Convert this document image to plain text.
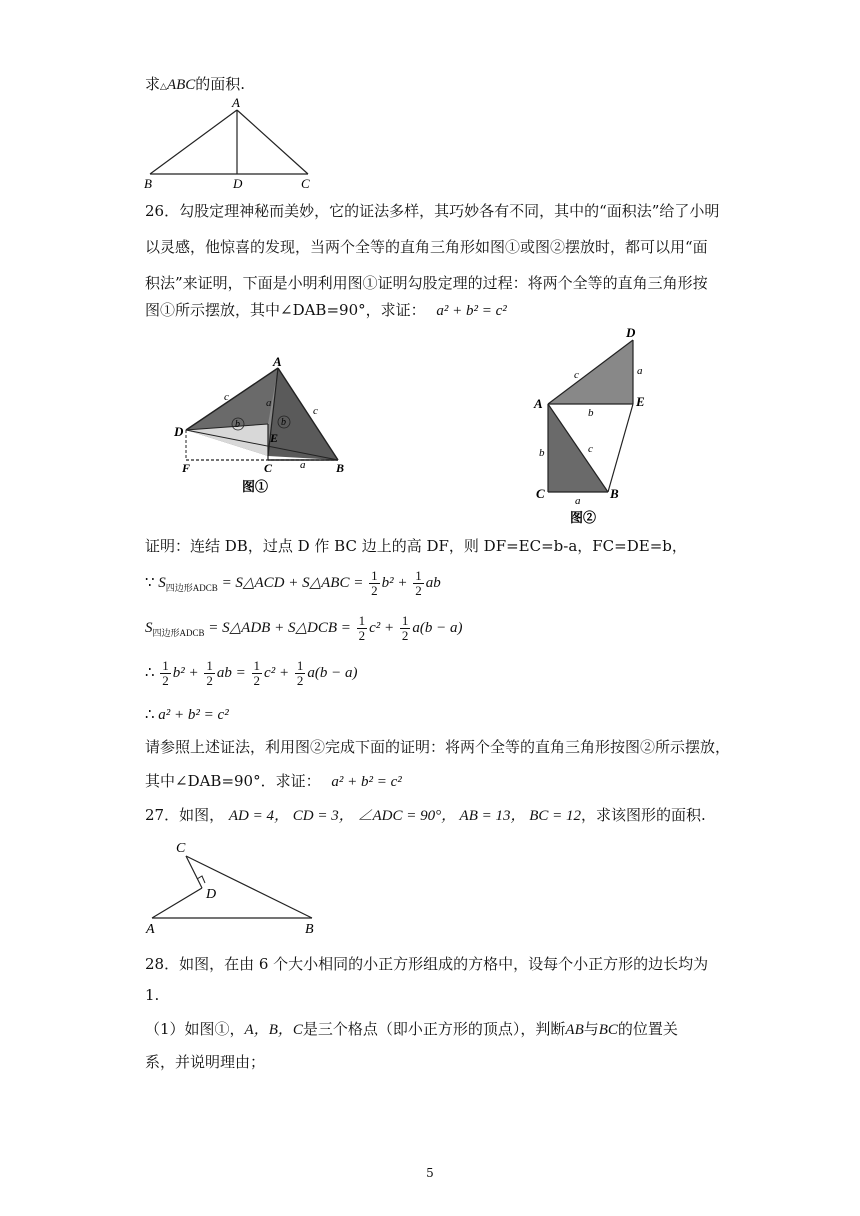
求△ABC的面积.
A
B	D	C
26．勾股定理神秘而美妙，它的证法多样，其巧妙各有不同，其中的“面积法”给了小明
以灵感，他惊喜的发现，当两个全等的直角三角形如图①或图②摆放时，都可以用“面
积法”来证明，下面是小明利用图①证明勾股定理的过程：将两个全等的直角三角形按
图①所示摆放，其中∠DAB=90°，求证： a² + b² = c²
A
D	E
F	C	B
a
a
b	b
c
c
图①
D
A	E
C	B
a
a
b
b
c
c
图②
证明：连结 DB，过点 D 作 BC 边上的高 DF，则 DF=EC=b-a，FC=DE=b，
∵ $S_{四边形ADCB}$ = S△ACD + S△ABC = $\frac{1}{2} b^2 + \frac{1}{2}$ ab
$S_{四边形ADCB}$ = S△ADB + S△DCB = $\frac{1}{2} c^2 + \frac{1}{2} a(b - a)$
∴ $\frac{1}{2} b^2 + \frac{1}{2}$ ab = $\frac{1}{2} c^2 + \frac{1}{2} a(b - a)$
∴ a² + b² = c²
请参照上述证法，利用图②完成下面的证明：将两个全等的直角三角形按图②所示摆放，
其中∠DAB=90°．求证： a² + b² = c²
27．如图， AD = 4， CD = 3， ∠ADC = 90°， AB = 13， BC = 12，求该图形的面积.
C
D
A	B
28．如图，在由 6 个大小相同的小正方形组成的方格中，设每个小正方形的边长均为
1.
（1）如图①，A，B，C是三个格点（即小正方形的顶点），判断AB与BC的位置关
系，并说明理由；
5
